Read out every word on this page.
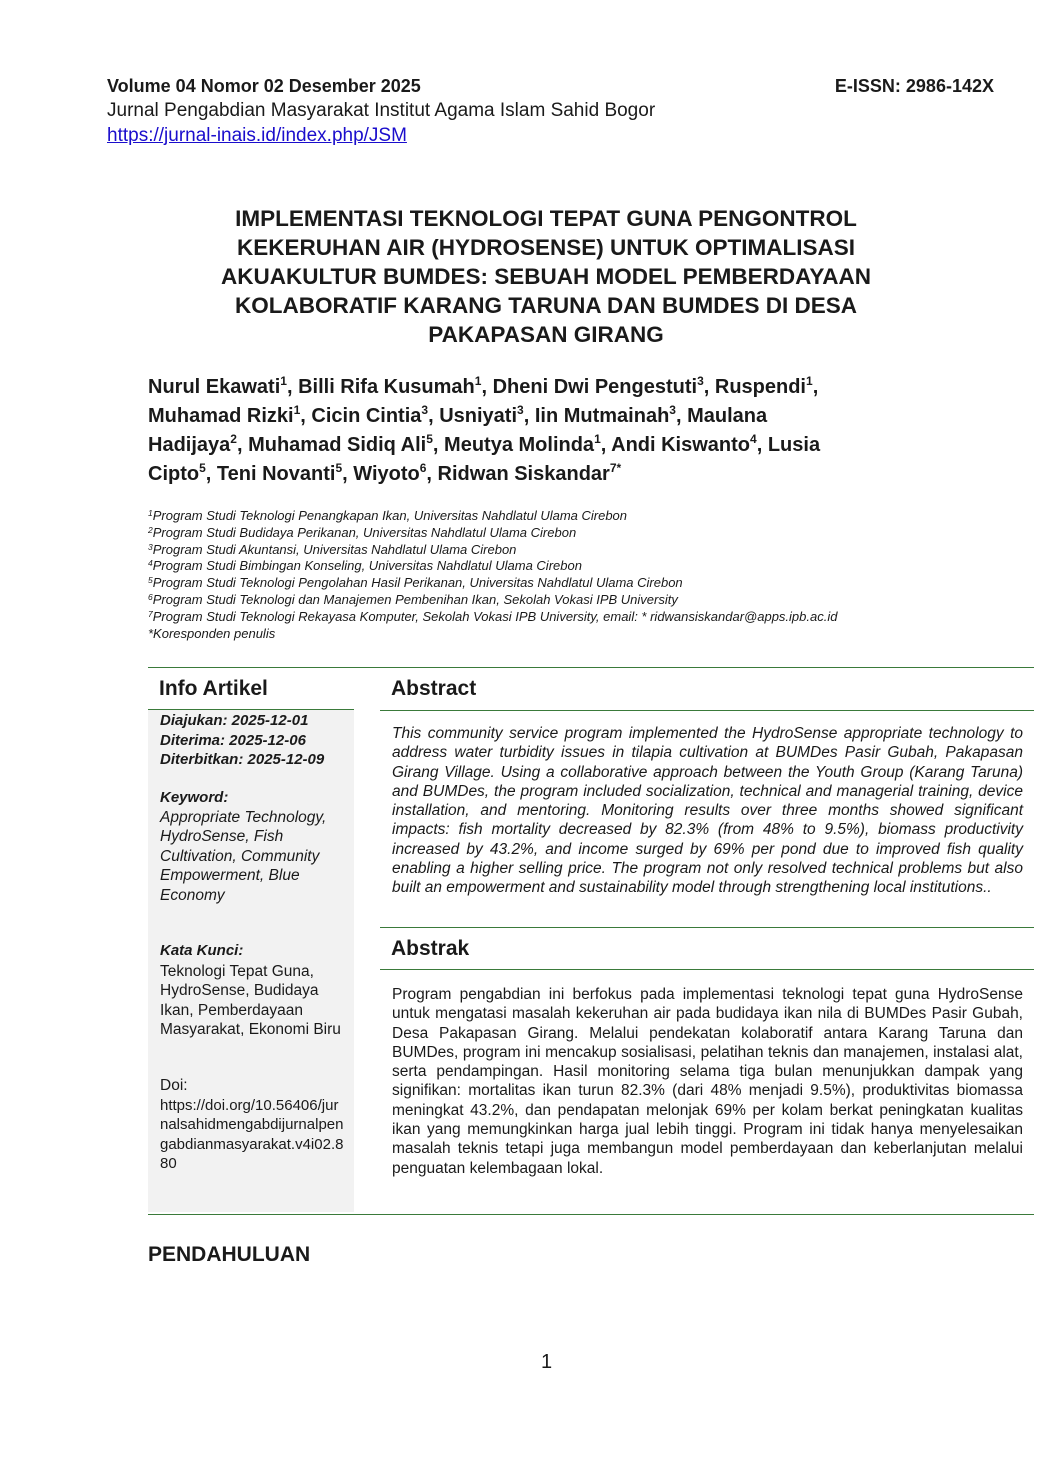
Volume 04 Nomor 02 Desember 2025	E-ISSN: 2986-142X
Jurnal Pengabdian Masyarakat Institut Agama Islam Sahid Bogor
https://jurnal-inais.id/index.php/JSM
IMPLEMENTASI TEKNOLOGI TEPAT GUNA PENGONTROL
KEKERUHAN AIR (HYDROSENSE) UNTUK OPTIMALISASI
AKUAKULTUR BUMDES: SEBUAH MODEL PEMBERDAYAAN
KOLABORATIF KARANG TARUNA DAN BUMDES DI DESA
PAKAPASAN GIRANG
Nurul Ekawati$^1$, Billi Rifa Kusumah$^1$, Dheni Dwi Pengestuti$^3$, Ruspendi$^1$,
Muhamad Rizki$^1$, Cicin Cintia$^3$, Usniyati$^3$, Iin Mutmainah$^3$, Maulana
Hadijaya$^2$, Muhamad Sidiq Ali$^5$, Meutya Molinda$^1$, Andi Kiswanto$^4$, Lusia
Cipto$^5$, Teni Novanti$^5$, Wiyoto$^6$, Ridwan Siskandar$^{7*}$
$^1$Program Studi Teknologi Penangkapan Ikan, Universitas Nahdlatul Ulama Cirebon
$^2$Program Studi Budidaya Perikanan, Universitas Nahdlatul Ulama Cirebon
$^3$Program Studi Akuntansi, Universitas Nahdlatul Ulama Cirebon
$^4$Program Studi Bimbingan Konseling, Universitas Nahdlatul Ulama Cirebon
$^5$Program Studi Teknologi Pengolahan Hasil Perikanan, Universitas Nahdlatul Ulama Cirebon
$^6$Program Studi Teknologi dan Manajemen Pembenihan Ikan, Sekolah Vokasi IPB University
$^7$Program Studi Teknologi Rekayasa Komputer, Sekolah Vokasi IPB University, email: * ridwansiskandar@apps.ipb.ac.id
*Koresponden penulis
Info Artikel
Diajukan: 2025-12-01
Diterima: 2025-12-06
Diterbitkan: 2025-12-09
Keyword:
Appropriate Technology, HydroSense, Fish Cultivation, Community Empowerment, Blue Economy
Kata Kunci:
Teknologi Tepat Guna, HydroSense, Budidaya Ikan, Pemberdayaan Masyarakat, Ekonomi Biru
Doi:
https://doi.org/10.56406/jurnalsahidmengabdijurnalpengabdianmasyarakat.v4i02.880
Abstract
This community service program implemented the HydroSense appropriate technology to address water turbidity issues in tilapia cultivation at BUMDes Pasir Gubah, Pakapasan Girang Village. Using a collaborative approach between the Youth Group (Karang Taruna) and BUMDes, the program included socialization, technical and managerial training, device installation, and mentoring. Monitoring results over three months showed significant impacts: fish mortality decreased by 82.3% (from 48% to 9.5%), biomass productivity increased by 43.2%, and income surged by 69% per pond due to improved fish quality enabling a higher selling price. The program not only resolved technical problems but also built an empowerment and sustainability model through strengthening local institutions..
Abstrak
Program pengabdian ini berfokus pada implementasi teknologi tepat guna HydroSense untuk mengatasi masalah kekeruhan air pada budidaya ikan nila di BUMDes Pasir Gubah, Desa Pakapasan Girang. Melalui pendekatan kolaboratif antara Karang Taruna dan BUMDes, program ini mencakup sosialisasi, pelatihan teknis dan manajemen, instalasi alat, serta pendampingan. Hasil monitoring selama tiga bulan menunjukkan dampak yang signifikan: mortalitas ikan turun 82.3% (dari 48% menjadi 9.5%), produktivitas biomassa meningkat 43.2%, dan pendapatan melonjak 69% per kolam berkat peningkatan kualitas ikan yang memungkinkan harga jual lebih tinggi. Program ini tidak hanya menyelesaikan masalah teknis tetapi juga membangun model pemberdayaan dan keberlanjutan melalui penguatan kelembagaan lokal.
PENDAHULUAN
1
